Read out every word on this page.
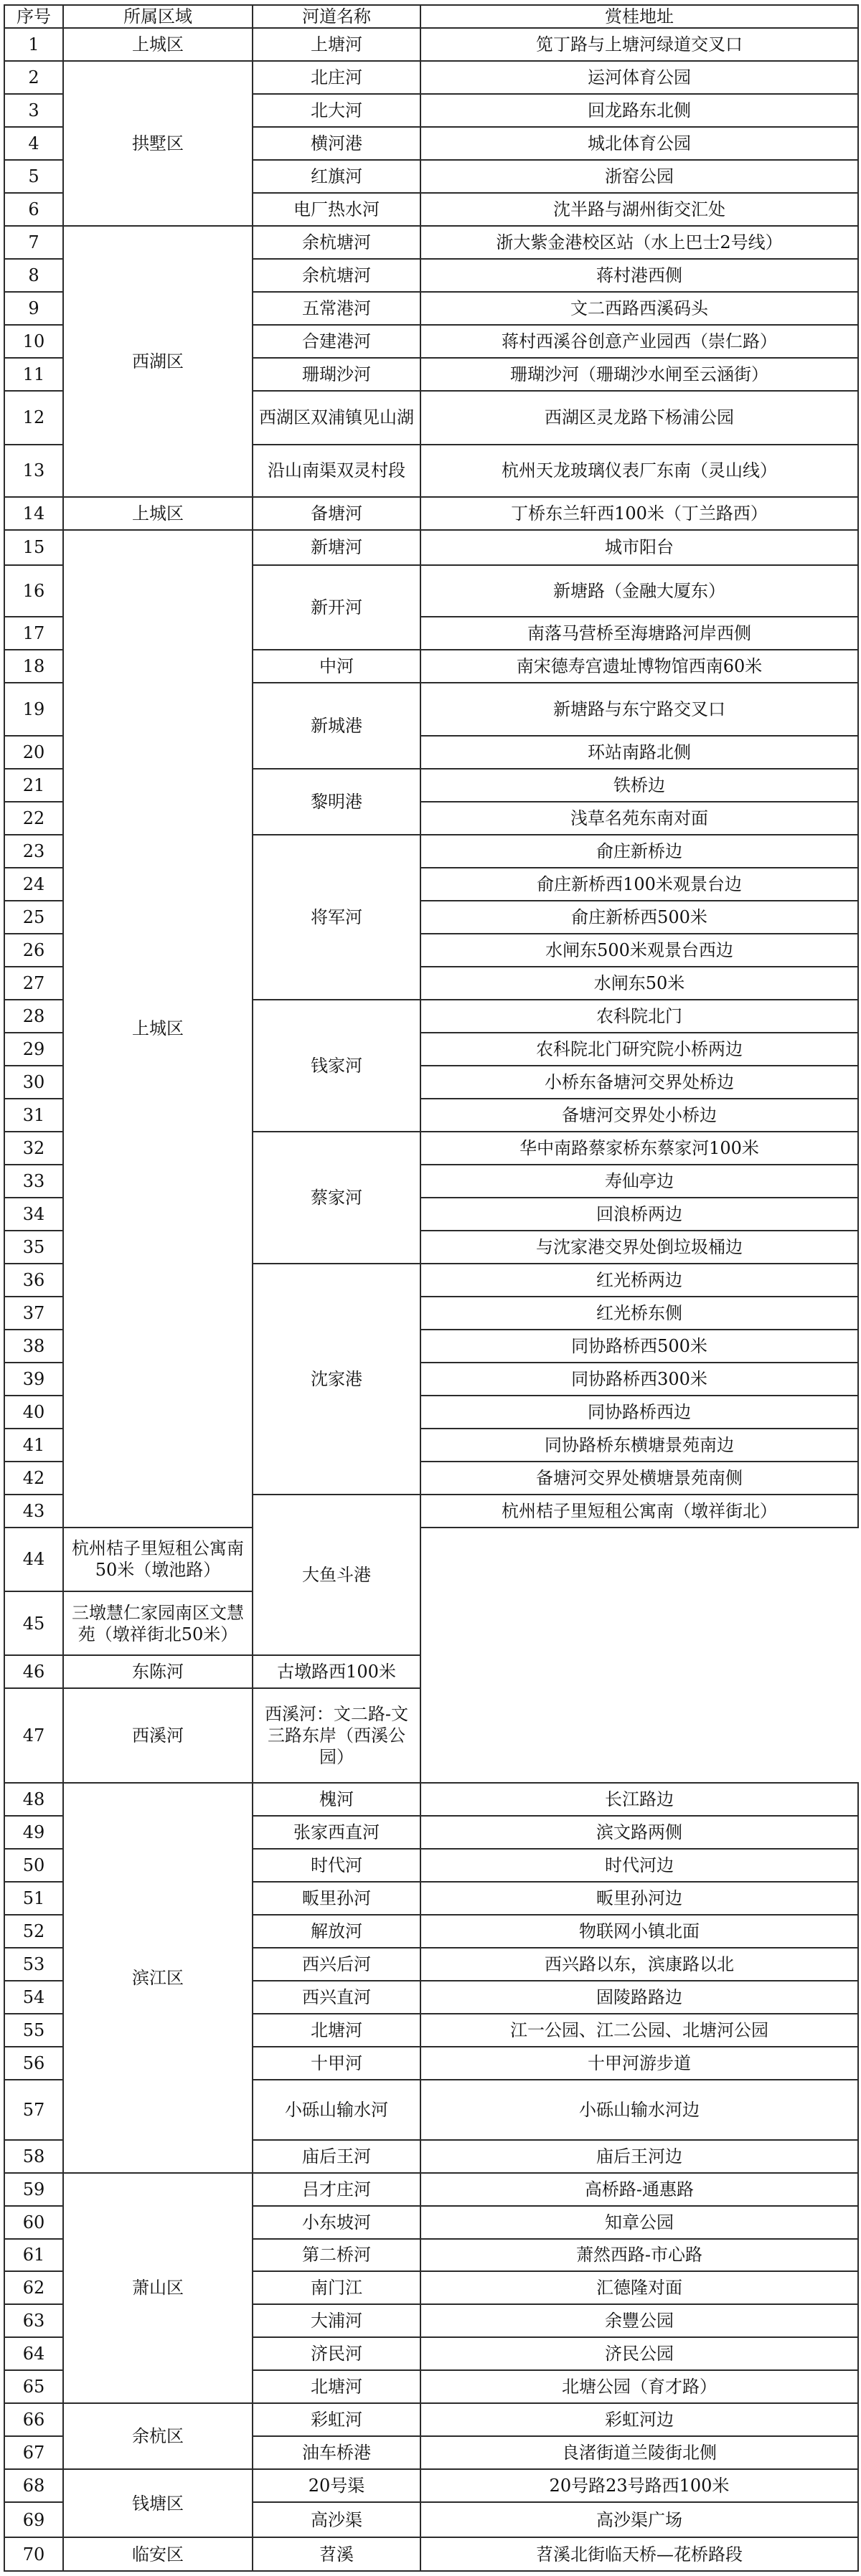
序号	所属区域	河道名称	赏桂地址
1	上城区	上塘河	笕丁路与上塘河绿道交叉口
2	拱墅区	北庄河	运河体育公园
3		北大河	回龙路东北侧
4		横河港	城北体育公园
5		红旗河	浙窑公园
6		电厂热水河	沈半路与湖州街交汇处
7	西湖区	余杭塘河	浙大紫金港校区站（水上巴士2号线）
8		余杭塘河	蒋村港西侧
9		五常港河	文二西路西溪码头
10		合建港河	蒋村西溪谷创意产业园西（崇仁路）
11		珊瑚沙河	珊瑚沙河（珊瑚沙水闸至云涵街）
12		西湖区双浦镇见山湖	西湖区灵龙路下杨浦公园
13		沿山南渠双灵村段	杭州天龙玻璃仪表厂东南（灵山线）
14	上城区	备塘河	丁桥东兰轩西100米（丁兰路西）
15	上城区	新塘河	城市阳台
16		新开河	新塘路（金融大厦东）
17			南落马营桥至海塘路河岸西侧
18		中河	南宋德寿宫遗址博物馆西南60米
19		新城港	新塘路与东宁路交叉口
20			环站南路北侧
21		黎明港	铁桥边
22			浅草名苑东南对面
23		将军河	俞庄新桥边
24			俞庄新桥西100米观景台边
25			俞庄新桥西500米
26			水闸东500米观景台西边
27			水闸东50米
28		钱家河	农科院北门
29			农科院北门研究院小桥两边
30			小桥东备塘河交界处桥边
31			备塘河交界处小桥边
32		蔡家河	华中南路蔡家桥东蔡家河100米
33			寿仙亭边
34			回浪桥两边
35			与沈家港交界处倒垃圾桶边
36		沈家港	红光桥两边
37			红光桥东侧
38			同协路桥西500米
39			同协路桥西300米
40			同协路桥西边
41			同协路桥东横塘景苑南边
42			备塘河交界处横塘景苑南侧
43		大鱼斗港	杭州桔子里短租公寓南（墩祥街北）
44	杭州桔子里短租公寓南50米（墩池路）		
45	三墩慧仁家园南区文慧苑（墩祥街北50米）		
46	东陈河	古墩路西100米	
47	西溪河	西溪河：文二路-文三路东岸（西溪公园）	
48	滨江区	槐河	长江路边
49		张家西直河	滨文路两侧
50		时代河	时代河边
51		畈里孙河	畈里孙河边
52		解放河	物联网小镇北面
53		西兴后河	西兴路以东，滨康路以北
54		西兴直河	固陵路路边
55		北塘河	江一公园、江二公园、北塘河公园
56		十甲河	十甲河游步道
57		小砾山输水河	小砾山输水河边
58		庙后王河	庙后王河边
59	萧山区	吕才庄河	高桥路-通惠路
60		小东坡河	知章公园
61		第二桥河	萧然西路-市心路
62		南门江	汇德隆对面
63		大浦河	余豐公园
64		济民河	济民公园
65		北塘河	北塘公园（育才路）
66	余杭区	彩虹河	彩虹河边
67		油车桥港	良渚街道兰陵街北侧
68	钱塘区	20号渠	20号路23号路西100米
69		高沙渠	高沙渠广场
70	临安区	苕溪	苕溪北街临天桥—花桥路段
